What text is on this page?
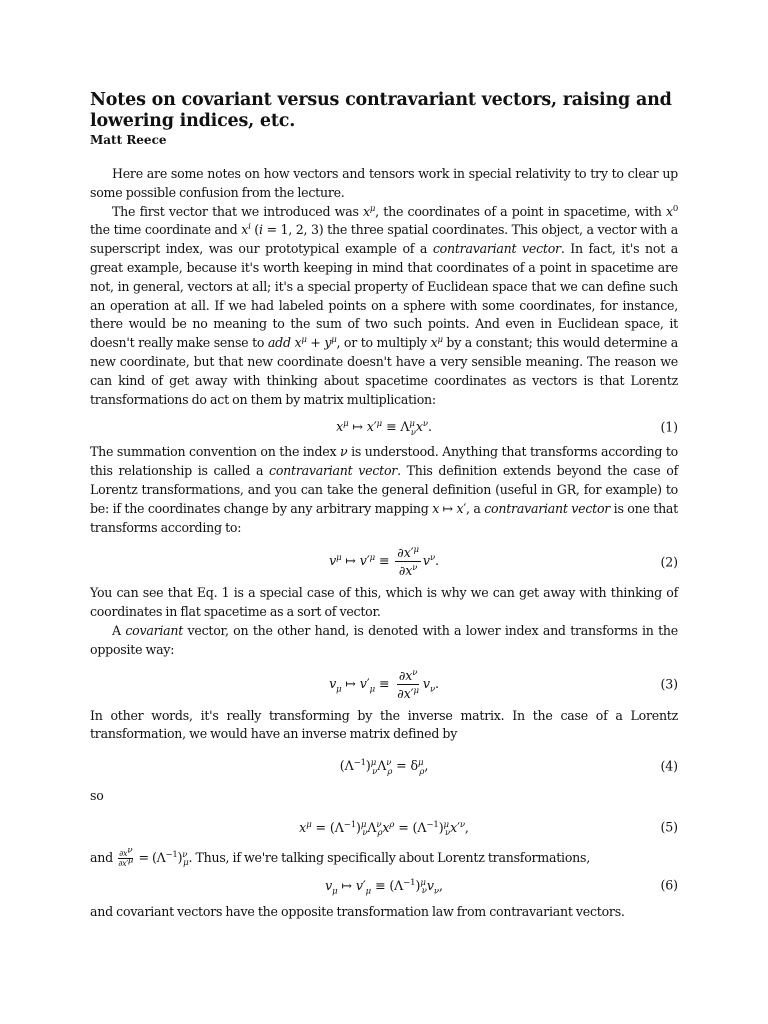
Notes on covariant versus contravariant vectors, raising and lowering indices, etc.
Matt Reece

Here are some notes on how vectors and tensors work in special relativity to try to clear up some possible confusion from the lecture.

The first vector that we introduced was $x^\mu$, the coordinates of a point in spacetime, with $x^0$ the time coordinate and $x^i$ (i = 1, 2, 3) the three spatial coordinates. This object, a vector with a superscript index, was our prototypical example of a contravariant vector. In fact, it's not a great example, because it's worth keeping in mind that coordinates of a point in spacetime are not, in general, vectors at all; it's a special property of Euclidean space that we can define such an operation at all. If we had labeled points on a sphere with some coordinates, for instance, there would be no meaning to the sum of two such points. And even in Euclidean space, it doesn't really make sense to add $x^\mu + y^\mu$, or to multiply $x^\mu$ by a constant; this would determine a new coordinate, but that new coordinate doesn't have a very sensible meaning. The reason we can kind of get away with thinking about spacetime coordinates as vectors is that Lorentz transformations do act on them by matrix multiplication:

$x^\mu$ ↦ $x'^\mu \equiv \Lambda^\mu_\nu x^\nu$.	(1)

The summation convention on the index ν is understood. Anything that transforms according to this relationship is called a contravariant vector. This definition extends beyond the case of Lorentz transformations, and you can take the general definition (useful in GR, for example) to be: if the coordinates change by any arbitrary mapping x ↦ x′, a contravariant vector is one that transforms according to:

$v^\mu$ ↦ $v'^\mu \equiv \frac{\partial x'^\mu}{\partial x^\nu} v^\nu$.	(2)

You can see that Eq. 1 is a special case of this, which is why we can get away with thinking of coordinates in flat spacetime as a sort of vector.

A covariant vector, on the other hand, is denoted with a lower index and transforms in the opposite way:

$v_\mu$ ↦ $v'_\mu \equiv \frac{\partial x^\nu}{\partial x'^\mu} v_\nu$.	(3)

In other words, it's really transforming by the inverse matrix. In the case of a Lorentz transformation, we would have an inverse matrix defined by

$(\Lambda^{-1})^\mu_\nu\Lambda^\nu_\rho = \delta^\mu_\rho$,	(4)

so

$x^\mu = (\Lambda^{-1})^\mu_\nu\Lambda^\nu_\rho x^\rho = (\Lambda^{-1})^\mu_\nu x'^\nu$,	(5)

and $\frac{\partial x^\nu}{\partial x'^\mu} = (\Lambda^{-1})^\nu_\mu$. Thus, if we're talking specifically about Lorentz transformations,

$v_\mu$ ↦ $v'_\mu \equiv (\Lambda^{-1})^\mu_\nu v_\nu$,	(6)

and covariant vectors have the opposite transformation law from contravariant vectors.
